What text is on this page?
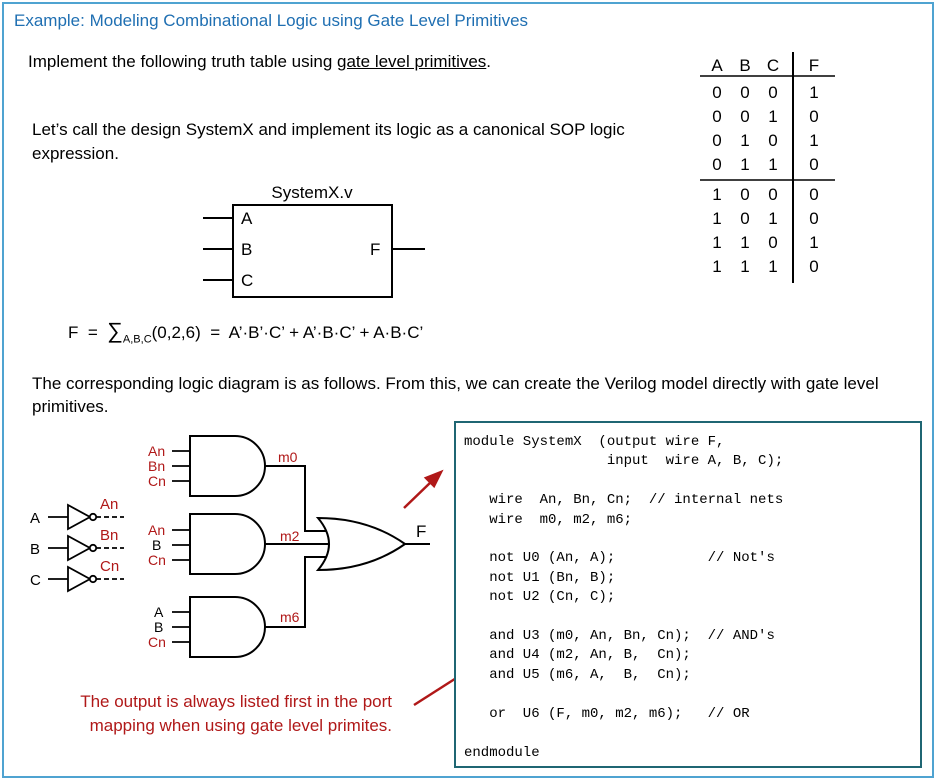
Example: Modeling Combinational Logic using Gate Level Primitives
Implement the following truth table using gate level primitives.
Let’s call the design SystemX and implement its logic as a canonical SOP logic expression.
$F = \sum_{A,B,C}(0,2,6)$  =  A’·B’·C’ + A’·B·C’ + A·B·C’
The corresponding logic diagram is as follows. From this, we can create the Verilog model directly with gate level primitives.
SystemX.v
A
B
C
F
A B C F
0 0 0 1
0 0 1 0
0 1 0 1
0 1 1 0
1 0 0 0
1 0 1 0
1 1 0 1
1 1 1 0
A
B
C
An
Bn
Cn
An
Bn
Cn
An
B
Cn
A
B
Cn
m0
m2
m6
F
The output is always listed first in the port mapping when using gate level primites.
module SystemX  (output wire F,
input  wire A, B, C);

wire  An, Bn, Cn;  // internal nets
wire  m0, m2, m6;

not U0 (An, A);           // Not's
not U1 (Bn, B);
not U2 (Cn, C);

and U3 (m0, An, Bn, Cn);  // AND's
and U4 (m2, An, B,  Cn);
and U5 (m6, A,  B,  Cn);

or  U6 (F, m0, m2, m6);   // OR

endmodule
